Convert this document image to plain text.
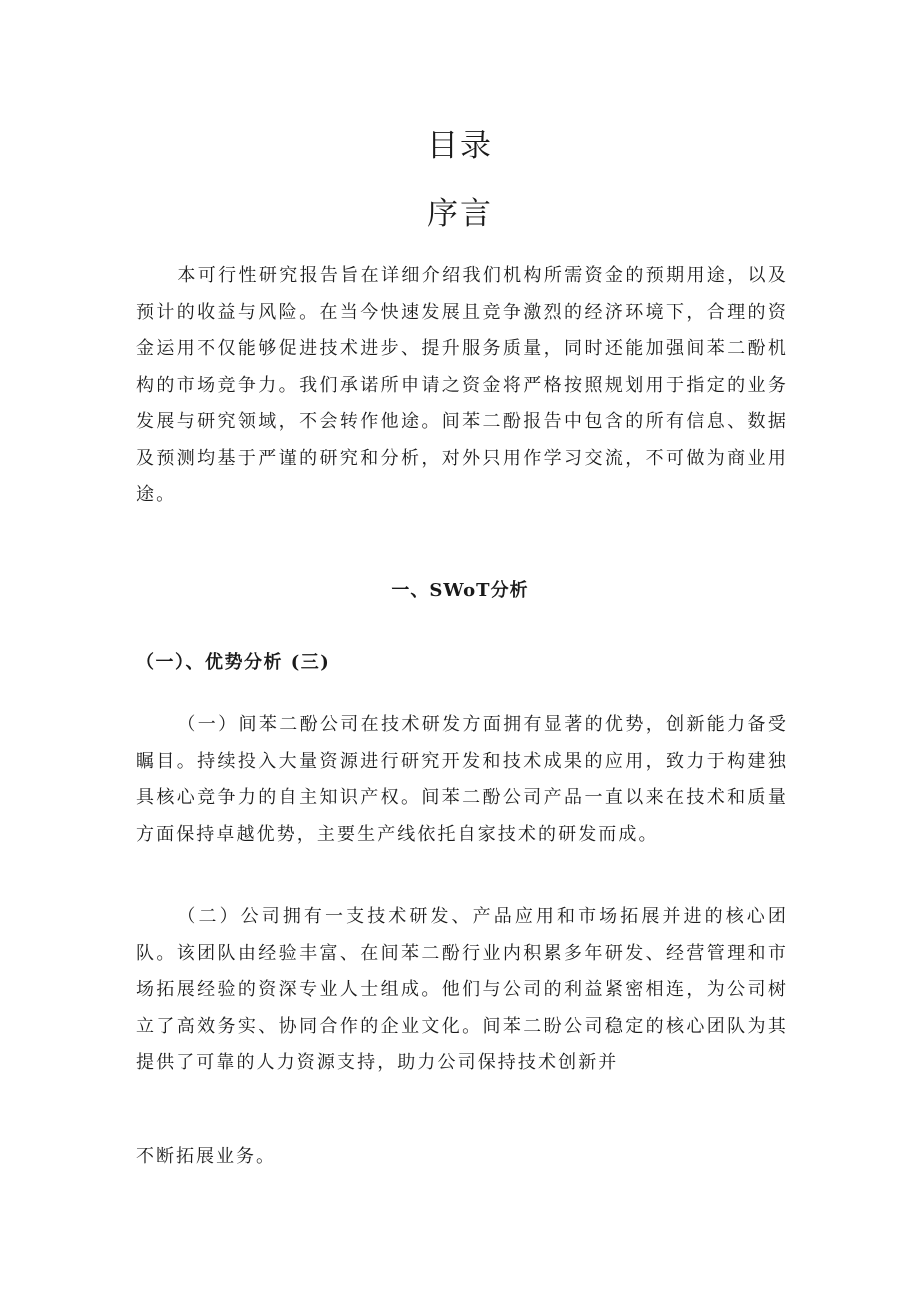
目录
序言

本可行性研究报告旨在详细介绍我们机构所需资金的预期用途，以及预计的收益与风险。在当今快速发展且竞争激烈的经济环境下，合理的资金运用不仅能够促进技术进步、提升服务质量，同时还能加强间苯二酚机构的市场竞争力。我们承诺所申请之资金将严格按照规划用于指定的业务发展与研究领域，不会转作他途。间苯二酚报告中包含的所有信息、数据及预测均基于严谨的研究和分析，对外只用作学习交流，不可做为商业用途。

一、SWoT分析
（一）、优势分析 (三)

（一）间苯二酚公司在技术研发方面拥有显著的优势，创新能力备受瞩目。持续投入大量资源进行研究开发和技术成果的应用，致力于构建独具核心竞争力的自主知识产权。间苯二酚公司产品一直以来在技术和质量方面保持卓越优势，主要生产线依托自家技术的研发而成。

（二）公司拥有一支技术研发、产品应用和市场拓展并进的核心团队。该团队由经验丰富、在间苯二酚行业内积累多年研发、经营管理和市场拓展经验的资深专业人士组成。他们与公司的利益紧密相连，为公司树立了高效务实、协同合作的企业文化。间苯二盼公司稳定的核心团队为其提供了可靠的人力资源支持，助力公司保持技术创新并

不断拓展业务。
